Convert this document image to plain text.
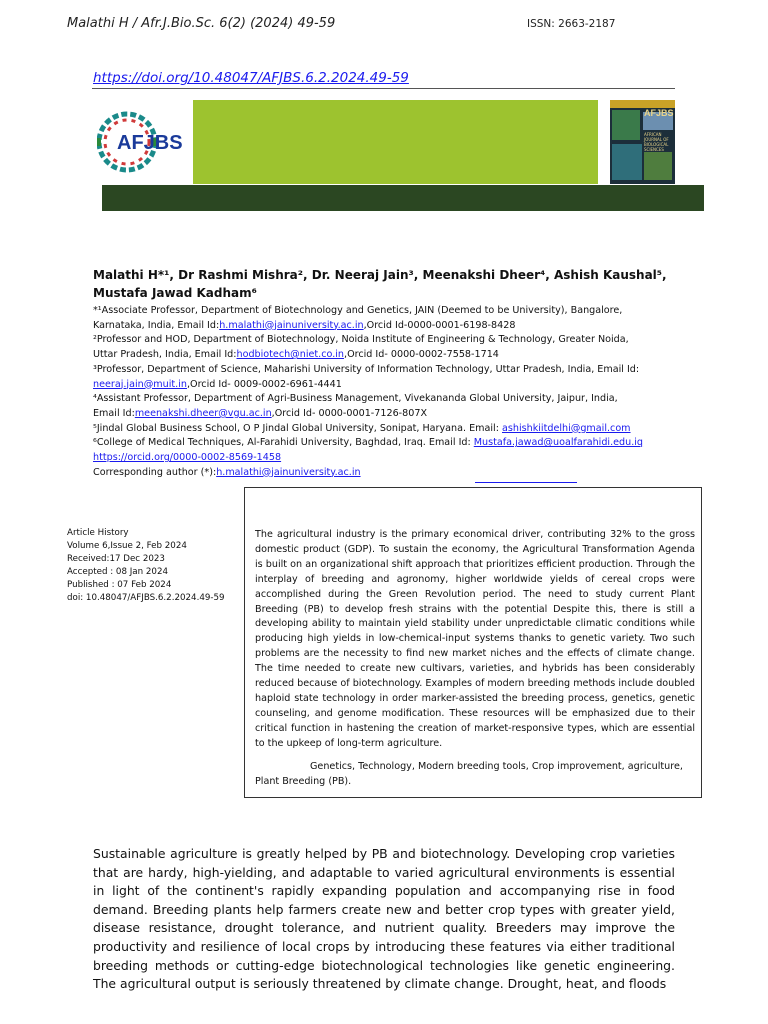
Malathi H / Afr.J.Bio.Sc. 6(2) (2024) 49-59	ISSN: 2663-2187
https://doi.org/10.48047/AFJBS.6.2.2024.49-59
AFJBS
AFJBS
AFRICAN JOURNAL OF BIOLOGICAL SCIENCES
Malathi H*¹, Dr Rashmi Mishra², Dr. Neeraj Jain³, Meenakshi Dheer⁴, Ashish Kaushal⁵,
Mustafa Jawad Kadham⁶
*¹Associate Professor, Department of Biotechnology and Genetics, JAIN (Deemed to be University), Bangalore,
Karnataka, India, Email Id:h.malathi@jainuniversity.ac.in,Orcid Id-0000-0001-6198-8428
²Professor and HOD, Department of Biotechnology, Noida Institute of Engineering & Technology, Greater Noida,
Uttar Pradesh, India, Email Id:hodbiotech@niet.co.in,Orcid Id- 0000-0002-7558-1714
³Professor, Department of Science, Maharishi University of Information Technology, Uttar Pradesh, India, Email Id:
neeraj.jain@muit.in,Orcid Id- 0009-0002-6961-4441
⁴Assistant Professor, Department of Agri-Business Management, Vivekananda Global University, Jaipur, India,
Email Id:meenakshi.dheer@vgu.ac.in,Orcid Id- 0000-0001-7126-807X
⁵Jindal Global Business School, O P Jindal Global University, Sonipat, Haryana. Email: ashishkiitdelhi@gmail.com
⁶College of Medical Techniques, Al-Farahidi University, Baghdad, Iraq. Email Id: Mustafa.jawad@uoalfarahidi.edu.iq
https://orcid.org/0000-0002-8569-1458
Corresponding author (*):h.malathi@jainuniversity.ac.in
Article History
Volume 6,Issue 2, Feb 2024
Received:17 Dec 2023
Accepted : 08 Jan 2024
Published : 07 Feb 2024
doi: 10.48047/AFJBS.6.2.2024.49-59
The agricultural industry is the primary economical driver, contributing 32% to the gross domestic product (GDP). To sustain the economy, the Agricultural Transformation Agenda is built on an organizational shift approach that prioritizes efficient production. Through the interplay of breeding and agronomy, higher worldwide yields of cereal crops were accomplished during the Green Revolution period. The need to study current Plant Breeding (PB) to develop fresh strains with the potential Despite this, there is still a developing ability to maintain yield stability under unpredictable climatic conditions while producing high yields in low-chemical-input systems thanks to genetic variety. Two such problems are the necessity to find new market niches and the effects of climate change. The time needed to create new cultivars, varieties, and hybrids has been considerably reduced because of biotechnology. Examples of modern breeding methods include doubled haploid state technology in order marker-assisted the breeding process, genetics, genetic counseling, and genome modification. These resources will be emphasized due to their critical function in hastening the creation of market-responsive types, which are essential to the upkeep of long-term agriculture.
Genetics, Technology, Modern breeding tools, Crop improvement, agriculture, Plant Breeding (PB).
Sustainable agriculture is greatly helped by PB and biotechnology. Developing crop varieties that are hardy, high-yielding, and adaptable to varied agricultural environments is essential in light of the continent's rapidly expanding population and accompanying rise in food demand. Breeding plants help farmers create new and better crop types with greater yield, disease resistance, drought tolerance, and nutrient quality. Breeders may improve the productivity and resilience of local crops by introducing these features via either traditional breeding methods or cutting-edge biotechnological technologies like genetic engineering. The agricultural output is seriously threatened by climate change. Drought, heat, and floods
